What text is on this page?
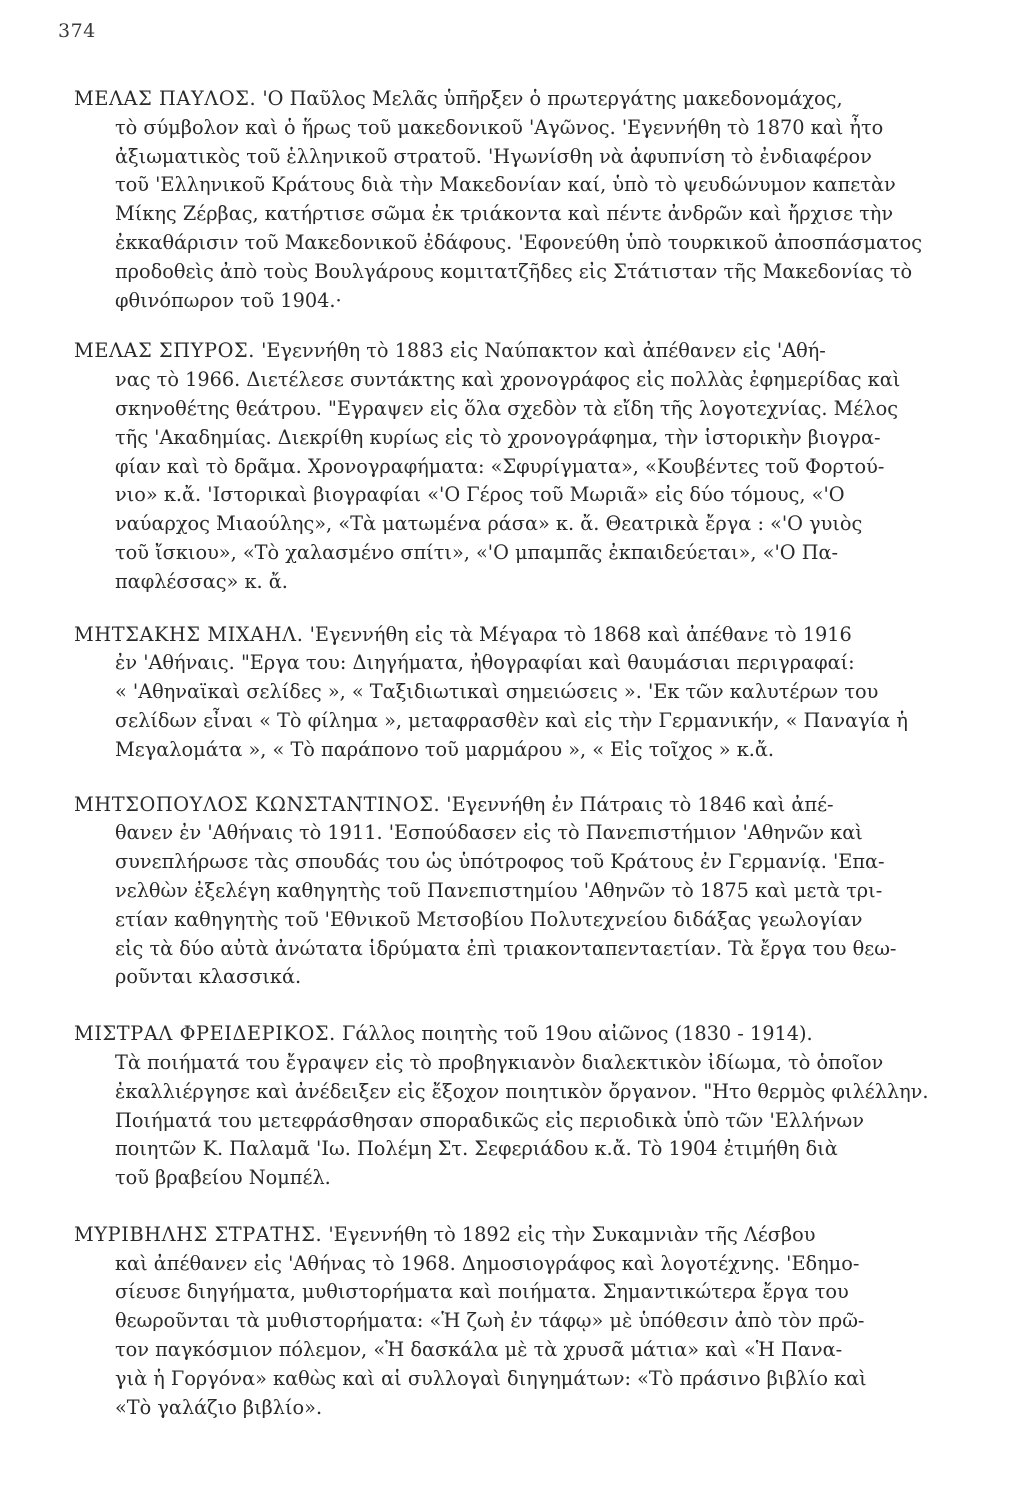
374

ΜΕΛΑΣ ΠΑΥΛΟΣ. 'Ο Παῦλος Μελᾶς ὑπῆρξεν ὁ πρωτεργάτης μακεδονομάχος,
τὸ σύμβολον καὶ ὁ ἥρως τοῦ μακεδονικοῦ 'Αγῶνος. 'Εγεννήθη τὸ 1870 καὶ ἦτο
ἀξιωματικὸς τοῦ ἑλληνικοῦ στρατοῦ. 'Ηγωνίσθη νὰ ἀφυπνίση τὸ ἐνδιαφέρον
τοῦ 'Ελληνικοῦ Κράτους διὰ τὴν Μακεδονίαν καί, ὑπὸ τὸ ψευδώνυμον καπετὰν
Μίκης Ζέρβας, κατήρτισε σῶμα ἐκ τριάκοντα καὶ πέντε ἀνδρῶν καὶ ἤρχισε τὴν
ἐκκαθάρισιν τοῦ Μακεδονικοῦ ἐδάφους. 'Εφονεύθη ὑπὸ τουρκικοῦ ἀποσπάσματος
προδοθεὶς ἀπὸ τοὺς Βουλγάρους κομιτατζῆδες εἰς Στάτισταν τῆς Μακεδονίας τὸ
φθινόπωρον τοῦ 1904.·

ΜΕΛΑΣ ΣΠΥΡΟΣ. 'Εγεννήθη τὸ 1883 εἰς Ναύπακτον καὶ ἀπέθανεν εἰς 'Αθή-
νας τὸ 1966. Διετέλεσε συντάκτης καὶ χρονογράφος εἰς πολλὰς ἐφημερίδας καὶ
σκηνοθέτης θεάτρου. "Εγραψεν εἰς ὅλα σχεδὸν τὰ εἴδη τῆς λογοτεχνίας. Μέλος
τῆς 'Ακαδημίας. Διεκρίθη κυρίως εἰς τὸ χρονογράφημα, τὴν ἱστορικὴν βιογρα-
φίαν καὶ τὸ δρᾶμα. Χρονογραφήματα: «Σφυρίγματα», «Κουβέντες τοῦ Φορτού-
νιο» κ.ἄ. 'Ιστορικαὶ βιογραφίαι «'Ο Γέρος τοῦ Μωριᾶ» εἰς δύο τόμους, «'Ο
ναύαρχος Μιαούλης», «Τὰ ματωμένα ράσα» κ. ἄ. Θεατρικὰ ἔργα : «'Ο γυιὸς
τοῦ ἴσκιου», «Τὸ χαλασμένο σπίτι», «'Ο μπαμπᾶς ἐκπαιδεύεται», «'Ο Πα-
παφλέσσας» κ. ἄ.

ΜΗΤΣΑΚΗΣ ΜΙΧΑΗΛ. 'Εγεννήθη εἰς τὰ Μέγαρα τὸ 1868 καὶ ἀπέθανε τὸ 1916
ἐν 'Αθήναις. "Εργα του: Διηγήματα, ἠθογραφίαι καὶ θαυμάσιαι περιγραφαί:
« 'Αθηναϊκαὶ σελίδες », « Ταξιδιωτικαὶ σημειώσεις ». 'Εκ τῶν καλυτέρων του
σελίδων εἶναι « Τὸ φίλημα », μεταφρασθὲν καὶ εἰς τὴν Γερμανικήν, « Παναγία ἡ
Μεγαλομάτα », « Τὸ παράπονο τοῦ μαρμάρου », « Εἰς τοῖχος » κ.ἄ.

ΜΗΤΣΟΠΟΥΛΟΣ ΚΩΝΣΤΑΝΤΙΝΟΣ. 'Εγεννήθη ἐν Πάτραις τὸ 1846 καὶ ἀπέ-
θανεν ἐν 'Αθήναις τὸ 1911. 'Εσπούδασεν εἰς τὸ Πανεπιστήμιον 'Αθηνῶν καὶ
συνεπλήρωσε τὰς σπουδάς του ὡς ὑπότροφος τοῦ Κράτους ἐν Γερμανίᾳ. 'Επα-
νελθὼν ἐξελέγη καθηγητὴς τοῦ Πανεπιστημίου 'Αθηνῶν τὸ 1875 καὶ μετὰ τρι-
ετίαν καθηγητὴς τοῦ 'Εθνικοῦ Μετσοβίου Πολυτεχνείου διδάξας γεωλογίαν
εἰς τὰ δύο αὐτὰ ἀνώτατα ἱδρύματα ἐπὶ τριακονταπενταετίαν. Τὰ ἔργα του θεω-
ροῦνται κλασσικά.

ΜΙΣΤΡΑΛ ΦΡΕΙΔΕΡΙΚΟΣ. Γάλλος ποιητὴς τοῦ 19ου αἰῶνος (1830 - 1914).
Τὰ ποιήματά του ἔγραψεν εἰς τὸ προβηγκιανὸν διαλεκτικὸν ἰδίωμα, τὸ ὁποῖον
ἐκαλλιέργησε καὶ ἀνέδειξεν εἰς ἔξοχον ποιητικὸν ὄργανον. "Ητο θερμὸς φιλέλλην.
Ποιήματά του μετεφράσθησαν σποραδικῶς εἰς περιοδικὰ ὑπὸ τῶν 'Ελλήνων
ποιητῶν Κ. Παλαμᾶ 'Ιω. Πολέμη Στ. Σεφεριάδου κ.ἄ. Τὸ 1904 ἐτιμήθη διὰ
τοῦ βραβείου Νομπέλ.

ΜΥΡΙΒΗΛΗΣ ΣΤΡΑΤΗΣ. 'Εγεννήθη τὸ 1892 εἰς τὴν Συκαμνιὰν τῆς Λέσβου
καὶ ἀπέθανεν εἰς 'Αθήνας τὸ 1968. Δημοσιογράφος καὶ λογοτέχνης. 'Εδημο-
σίευσε διηγήματα, μυθιστορήματα καὶ ποιήματα. Σημαντικώτερα ἔργα του
θεωροῦνται τὰ μυθιστορήματα: «Ἡ ζωὴ ἐν τάφῳ» μὲ ὑπόθεσιν ἀπὸ τὸν πρῶ-
τον παγκόσμιον πόλεμον, «Ἡ δασκάλα μὲ τὰ χρυσᾶ μάτια» καὶ «Ἡ Πανα-
γιὰ ἡ Γοργόνα» καθὼς καὶ αἱ συλλογαὶ διηγημάτων: «Τὸ πράσινο βιβλίο καὶ
«Τὸ γαλάζιο βιβλίο».
